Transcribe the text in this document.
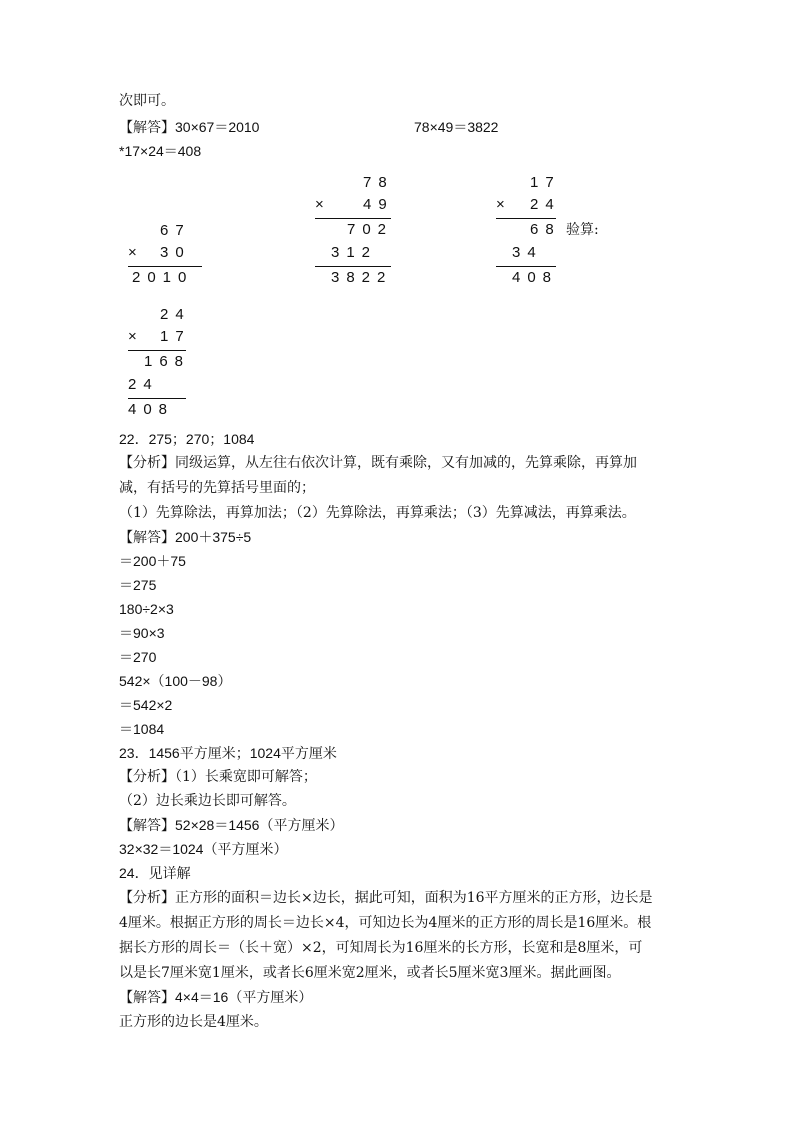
次即可。
【解答】30×67＝2010	78×49＝3822
*17×24＝408
67
× 30
2010
78
×	49
702
312
3822
17
× 24
68
34
408
验算:
24
× 17
168
24
408
22．275；270；1084
【分析】同级运算，从左往右依次计算，既有乘除，又有加减的，先算乘除，再算加
减，有括号的先算括号里面的；
（1）先算除法，再算加法；（2）先算除法，再算乘法；（3）先算减法，再算乘法。
【解答】200＋375÷5
＝200＋75
＝275
180÷2×3
＝90×3
＝270
542×（100－98）
＝542×2
＝1084
23．1456平方厘米；1024平方厘米
【分析】（1）长乘宽即可解答；
（2）边长乘边长即可解答。
【解答】52×28＝1456（平方厘米）
32×32＝1024（平方厘米）
24．见详解
【分析】正方形的面积＝边长×边长，据此可知，面积为16平方厘米的正方形，边长是
4厘米。根据正方形的周长＝边长×4，可知边长为4厘米的正方形的周长是16厘米。根
据长方形的周长＝（长＋宽）×2，可知周长为16厘米的长方形，长宽和是8厘米，可
以是长7厘米宽1厘米，或者长6厘米宽2厘米，或者长5厘米宽3厘米。据此画图。
【解答】4×4＝16（平方厘米）
正方形的边长是4厘米。
